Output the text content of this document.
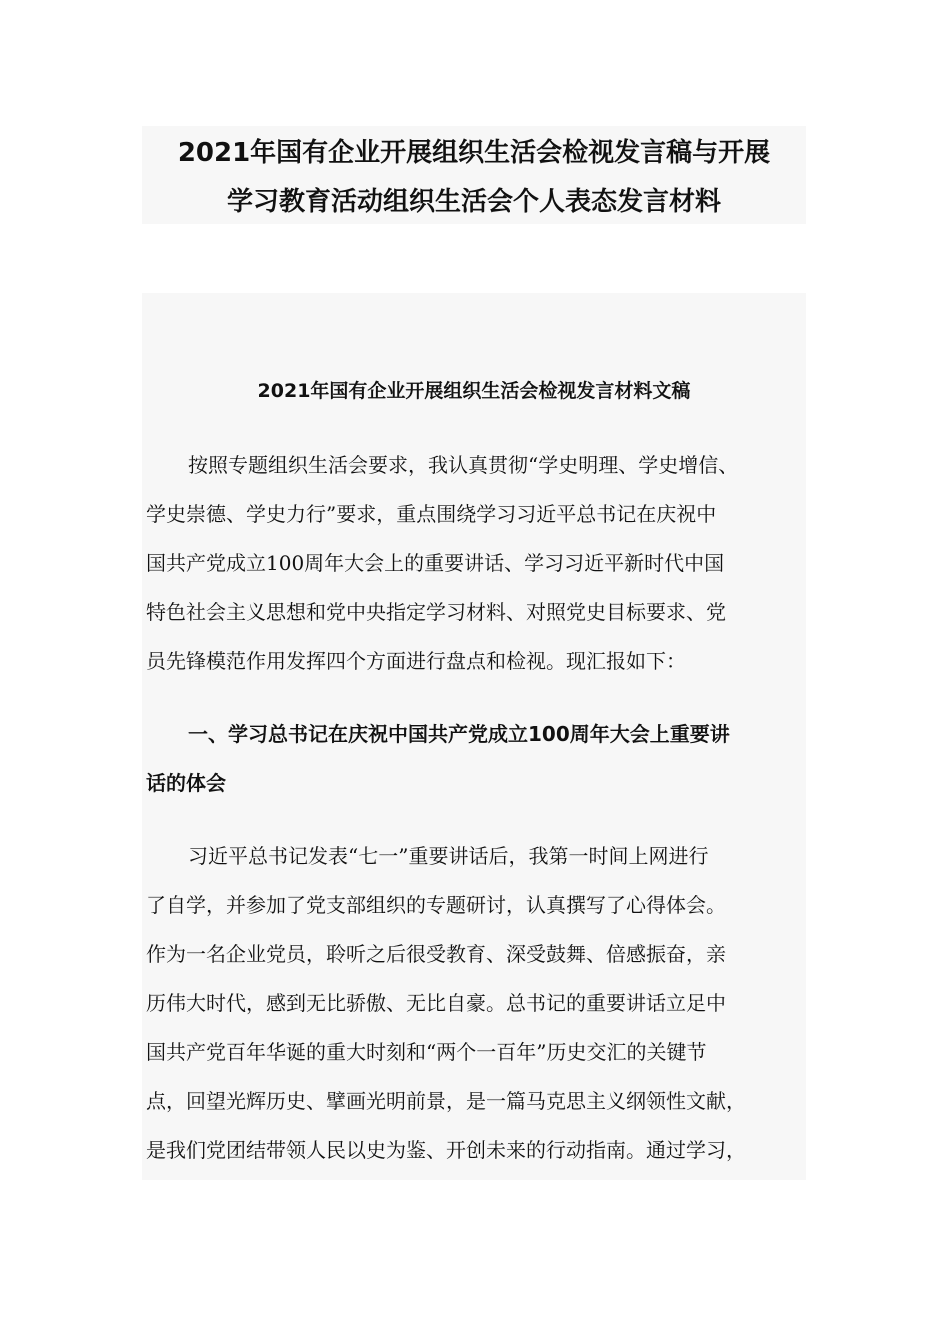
2021年国有企业开展组织生活会检视发言稿与开展
学习教育活动组织生活会个人表态发言材料
2021年国有企业开展组织生活会检视发言材料文稿
按照专题组织生活会要求，我认真贯彻“学史明理、学史增信、
学史崇德、学史力行”要求，重点围绕学习习近平总书记在庆祝中
国共产党成立100周年大会上的重要讲话、学习习近平新时代中国
特色社会主义思想和党中央指定学习材料、对照党史目标要求、党
员先锋模范作用发挥四个方面进行盘点和检视。现汇报如下：
一、学习总书记在庆祝中国共产党成立100周年大会上重要讲
话的体会
习近平总书记发表“七一”重要讲话后，我第一时间上网进行
了自学，并参加了党支部组织的专题研讨，认真撰写了心得体会。
作为一名企业党员，聆听之后很受教育、深受鼓舞、倍感振奋，亲
历伟大时代，感到无比骄傲、无比自豪。总书记的重要讲话立足中
国共产党百年华诞的重大时刻和“两个一百年”历史交汇的关键节
点，回望光辉历史、擘画光明前景，是一篇马克思主义纲领性文献，
是我们党团结带领人民以史为鉴、开创未来的行动指南。通过学习，
